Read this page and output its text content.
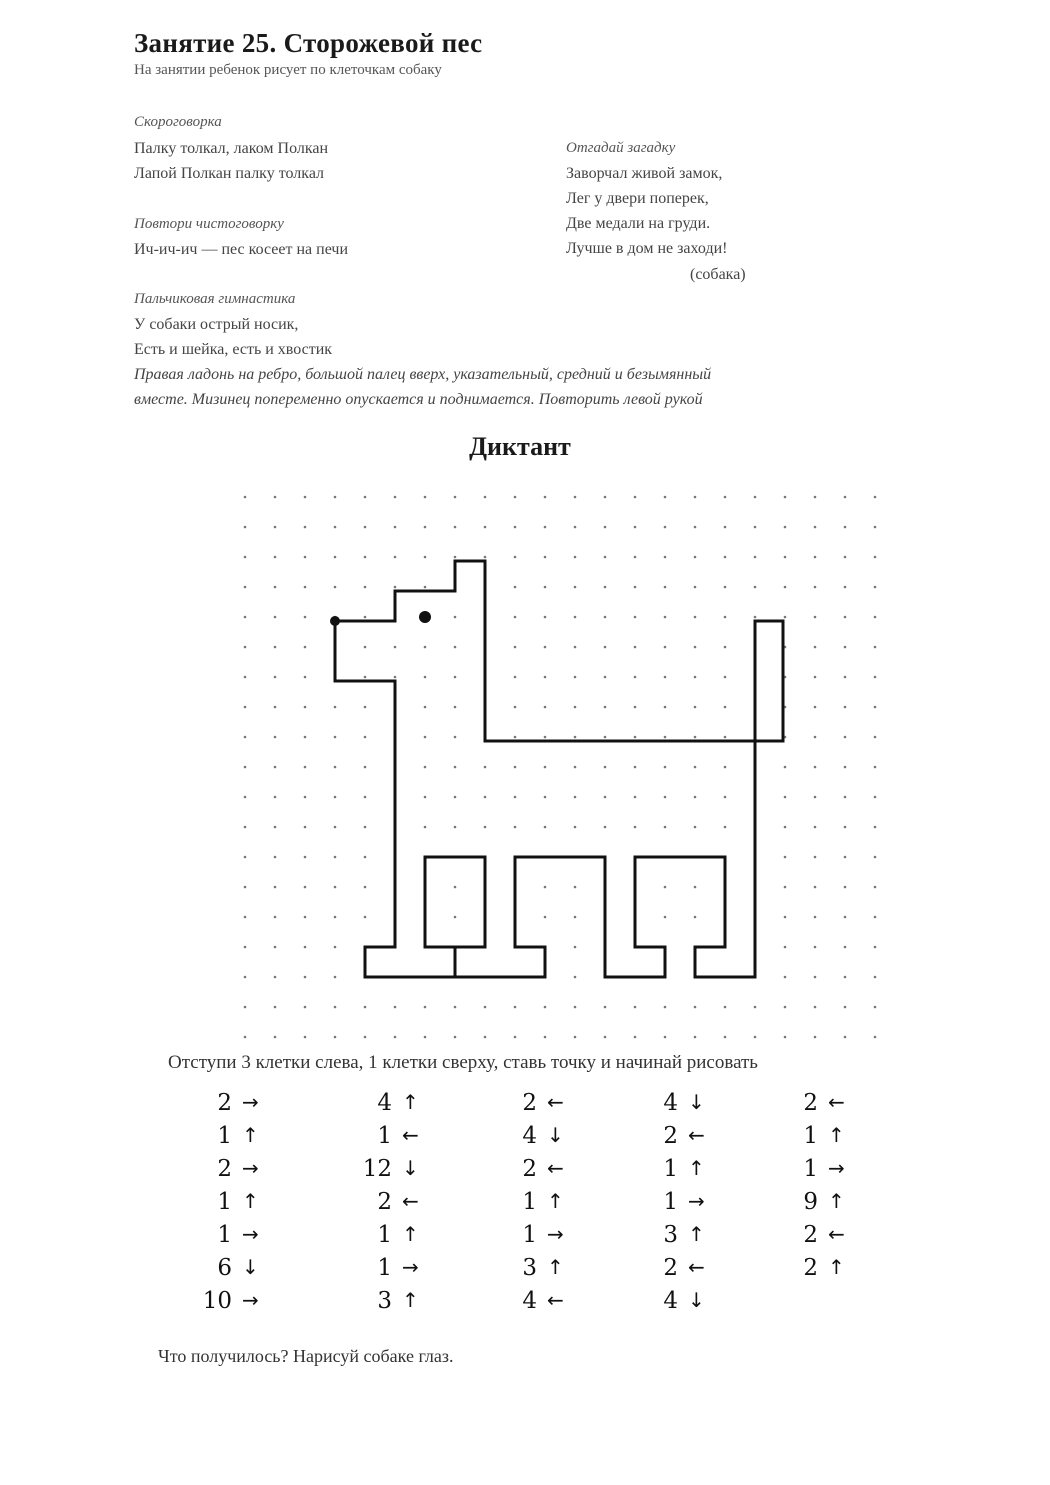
Занятие 25. Сторожевой пес
На занятии ребенок рисует по клеточкам собаку
Скороговорка
Палку толкал, лаком Полкан
Лапой Полкан палку толкал
Повтори чистоговорку
Ич-ич-ич — пес косеет на печи
Отгадай загадку
Заворчал живой замок,
Лег у двери поперек,
Две медали на груди.
Лучше в дом не заходи!
(собака)
Пальчиковая гимнастика
У собаки острый носик,
Есть и шейка, есть и хвостик
Правая ладонь на ребро, большой палец вверх, указательный, средний и безымянный
вместе. Мизинец попеременно опускается и поднимается. Повторить левой рукой
Диктант
Отступи 3 клетки слева, 1 клетки сверху, ставь точку и начинай рисовать
2 →
1 ↑
2 →
1 ↑
1 →
6 ↓
10 →
4 ↑
1 ←
12 ↓
2 ←
1 ↑
1 →
3 ↑
2 ←
4 ↓
2 ←
1 ↑
1 →
3 ↑
4 ←
4 ↓
2 ←
1 ↑
1 →
3 ↑
2 ←
4 ↓
2 ←
1 ↑
1 →
9 ↑
2 ←
2 ↑
Что получилось? Нарисуй собаке глаз.
